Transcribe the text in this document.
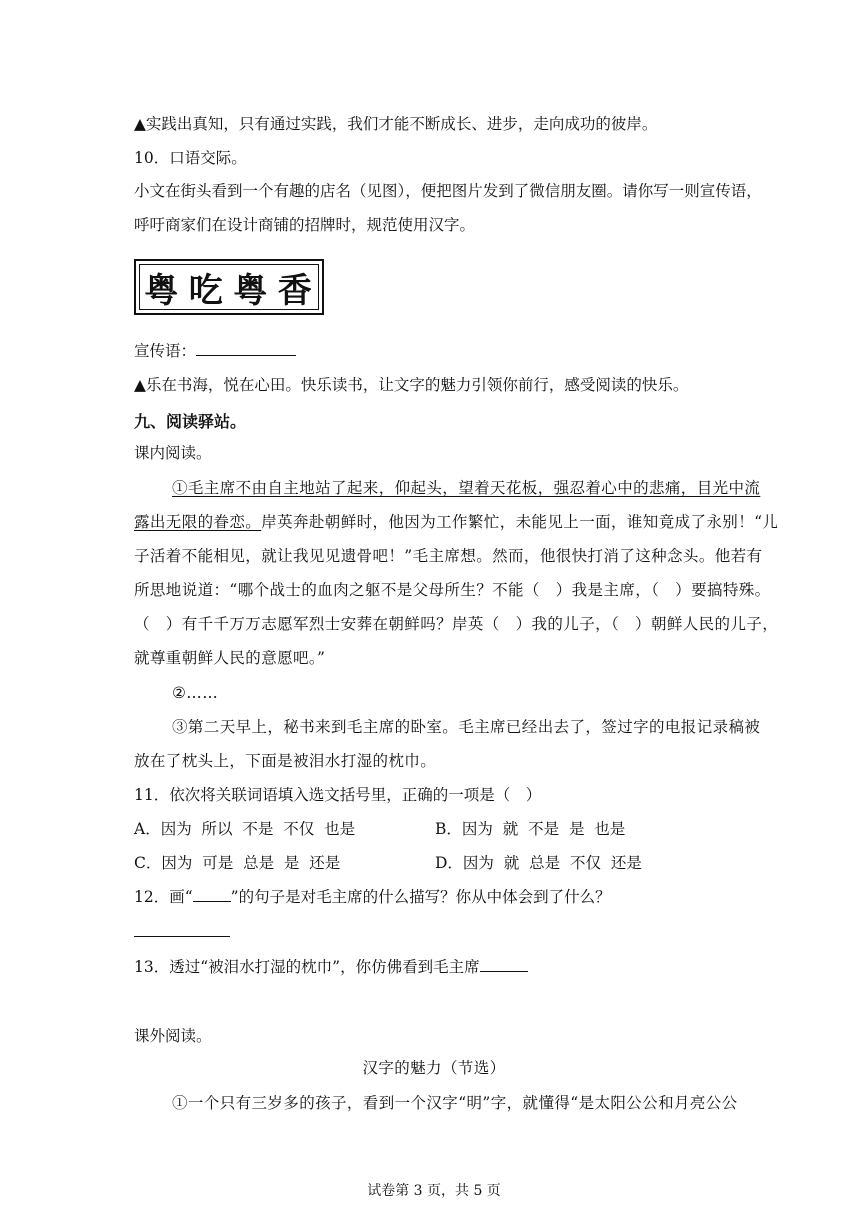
▲实践出真知，只有通过实践，我们才能不断成长、进步，走向成功的彼岸。
10．口语交际。
小文在街头看到一个有趣的店名（见图），便把图片发到了微信朋友圈。请你写一则宣传语，
呼吁商家们在设计商铺的招牌时，规范使用汉字。
粤 吃 粤 香
宣传语：
▲乐在书海，悦在心田。快乐读书，让文字的魅力引领你前行，感受阅读的快乐。
九、阅读驿站。
课内阅读。
①毛主席不由自主地站了起来，仰起头，望着天花板，强忍着心中的悲痛，目光中流
露出无限的眷恋。岸英奔赴朝鲜时，他因为工作繁忙，未能见上一面，谁知竟成了永别！“儿
子活着不能相见，就让我见见遗骨吧！”毛主席想。然而，他很快打消了这种念头。他若有
所思地说道：“哪个战士的血肉之躯不是父母所生？不能（　）我是主席，（　）要搞特殊。
（　）有千千万万志愿军烈士安葬在朝鲜吗？岸英（　）我的儿子，（　）朝鲜人民的儿子，
就尊重朝鲜人民的意愿吧。”
②……
③第二天早上，秘书来到毛主席的卧室。毛主席已经出去了，签过字的电报记录稿被
放在了枕头上，下面是被泪水打湿的枕巾。
11．依次将关联词语填入选文括号里，正确的一项是（　）
A．因为  所以  不是  不仅  也是	B．因为  就  不是  是  也是
C．因为  可是  总是  是  还是	D．因为  就  总是  不仅  还是
12．画“ ”的句子是对毛主席的什么描写？你从中体会到了什么？
13．透过“被泪水打湿的枕巾”，你仿佛看到毛主席
课外阅读。
汉字的魅力（节选）
①一个只有三岁多的孩子，看到一个汉字“明”字，就懂得“是太阳公公和月亮公公
试卷第 3 页，共 5 页
